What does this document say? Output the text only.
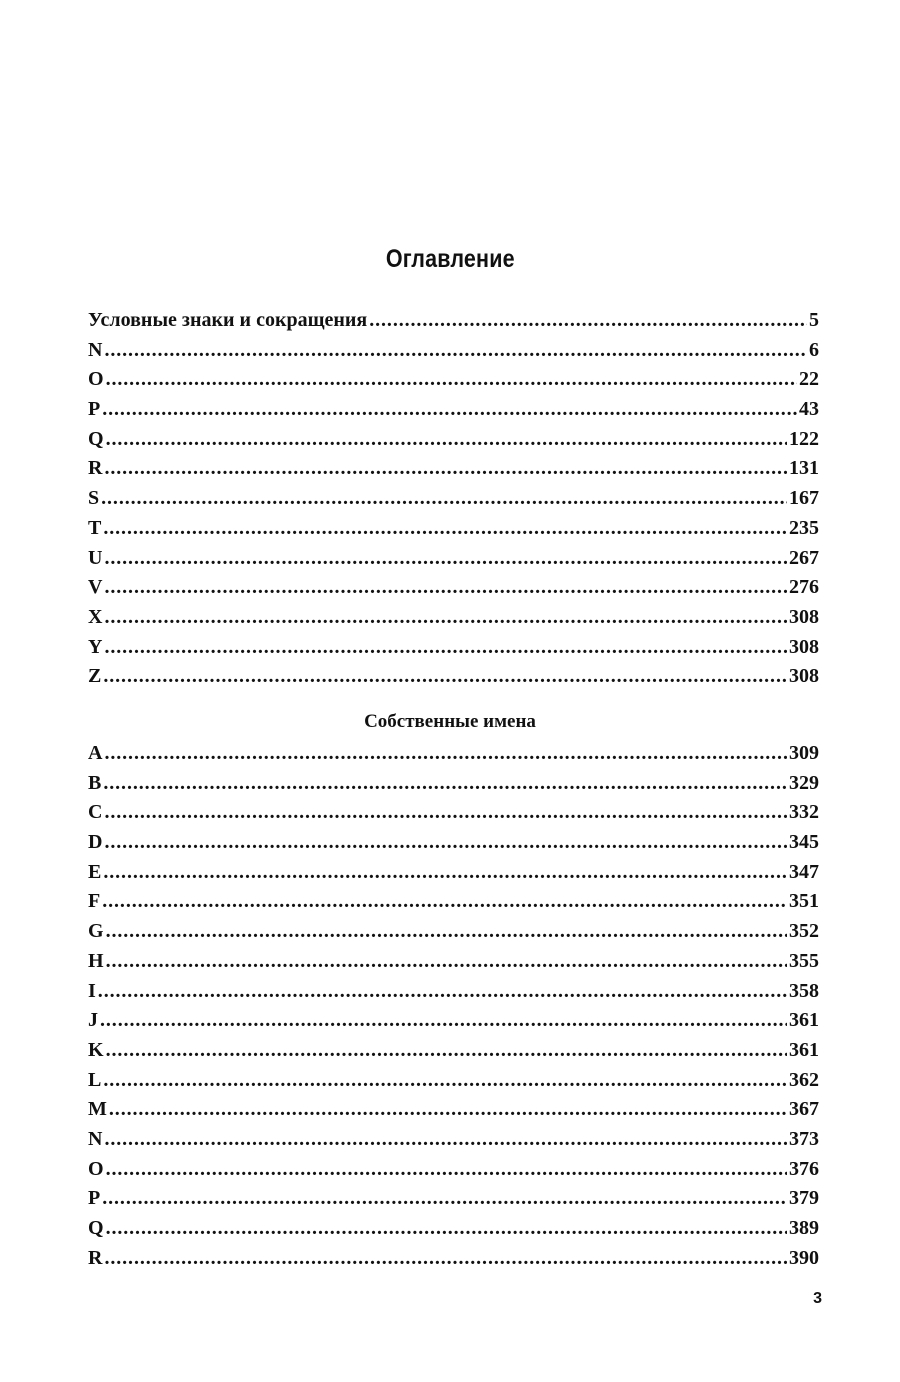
Оглавление
Условные знаки и сокращения .....	5
N .....	6
O .....	22
P .....	43
Q .....	122
R .....	131
S .....	167
T .....	235
U .....	267
V .....	276
X .....	308
Y .....	308
Z .....	308
Собственные имена
A .....	309
B .....	329
C .....	332
D .....	345
E .....	347
F .....	351
G .....	352
H .....	355
I .....	358
J .....	361
K .....	361
L .....	362
M .....	367
N .....	373
O .....	376
P .....	379
Q .....	389
R .....	390
3
